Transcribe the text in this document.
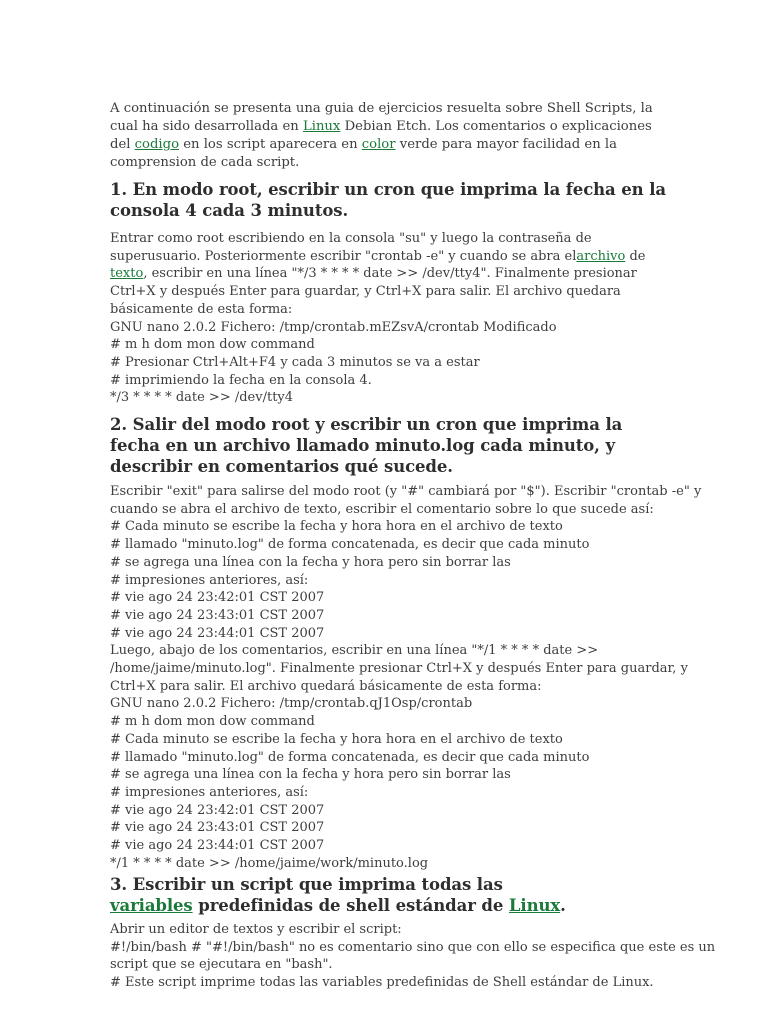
A continuación se presenta una guia de ejercicios resuelta sobre Shell Scripts, la cual ha sido desarrollada en Linux Debian Etch. Los comentarios o explicaciones del codigo en los script aparecera en color verde para mayor facilidad en la comprension de cada script.

1. En modo root, escribir un cron que imprima la fecha en la consola 4 cada 3 minutos.

Entrar como root escribiendo en la consola "su" y luego la contraseña de superusuario. Posteriormente escribir "crontab -e" y cuando se abra elarchivo de texto, escribir en una línea "*/3 * * * * date >> /dev/tty4". Finalmente presionar Ctrl+X y después Enter para guardar, y Ctrl+X para salir. El archivo quedara básicamente de esta forma:

GNU nano 2.0.2 Fichero: /tmp/crontab.mEZsvA/crontab Modificado
# m h dom mon dow command
# Presionar Ctrl+Alt+F4 y cada 3 minutos se va a estar
# imprimiendo la fecha en la consola 4.
*/3 * * * * date >> /dev/tty4
2. Salir del modo root y escribir un cron que imprima la fecha en un archivo llamado minuto.log cada minuto, y describir en comentarios qué sucede.
Escribir "exit" para salirse del modo root (y "#" cambiará por "$"). Escribir "crontab -e" y
cuando se abra el archivo de texto, escribir el comentario sobre lo que sucede así:
# Cada minuto se escribe la fecha y hora hora en el archivo de texto
# llamado "minuto.log" de forma concatenada, es decir que cada minuto
# se agrega una línea con la fecha y hora pero sin borrar las
# impresiones anteriores, así:
# vie ago 24 23:42:01 CST 2007
# vie ago 24 23:43:01 CST 2007
# vie ago 24 23:44:01 CST 2007
Luego, abajo de los comentarios, escribir en una línea "*/1 * * * * date >>
/home/jaime/minuto.log". Finalmente presionar Ctrl+X y después Enter para guardar, y
Ctrl+X para salir. El archivo quedará básicamente de esta forma:
GNU nano 2.0.2 Fichero: /tmp/crontab.qJ1Osp/crontab
# m h dom mon dow command
# Cada minuto se escribe la fecha y hora hora en el archivo de texto
# llamado "minuto.log" de forma concatenada, es decir que cada minuto
# se agrega una línea con la fecha y hora pero sin borrar las
# impresiones anteriores, así:
# vie ago 24 23:42:01 CST 2007
# vie ago 24 23:43:01 CST 2007
# vie ago 24 23:44:01 CST 2007
*/1 * * * * date >> /home/jaime/work/minuto.log
3. Escribir un script que imprima todas las variables predefinidas de shell estándar de Linux.
Abrir un editor de textos y escribir el script:
#!/bin/bash # "#!/bin/bash" no es comentario sino que con ello se especifica que este es un
script que se ejecutara en "bash".
# Este script imprime todas las variables predefinidas de Shell estándar de Linux.
